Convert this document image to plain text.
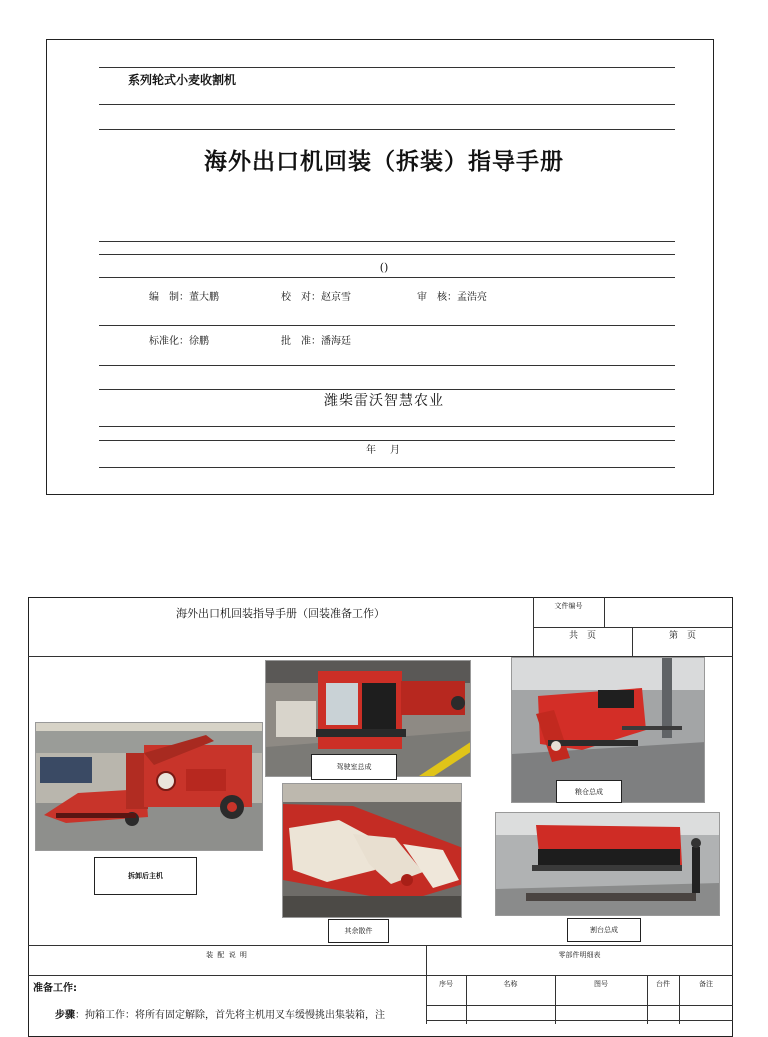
系列轮式小麦收割机
海外出口机回装（拆装）指导手册
()
编　制：董大鹏	校　对：赵京雪	审　核：孟浩亮
标准化：徐鹏	批　准：潘海廷
潍柴雷沃智慧农业
年　月
海外出口机回装指导手册（回装准备工作）
文件编号
共　页	第　页
拆卸后主机
驾驶室总成
粮仓总成
其余散件	割台总成
装 配 说 明	零部件明细表
准备工作:
步骤：拘箱工作：将所有固定解除，首先将主机用叉车缓慢挑出集装箱，注
序号	名称	图号	台件	备注
